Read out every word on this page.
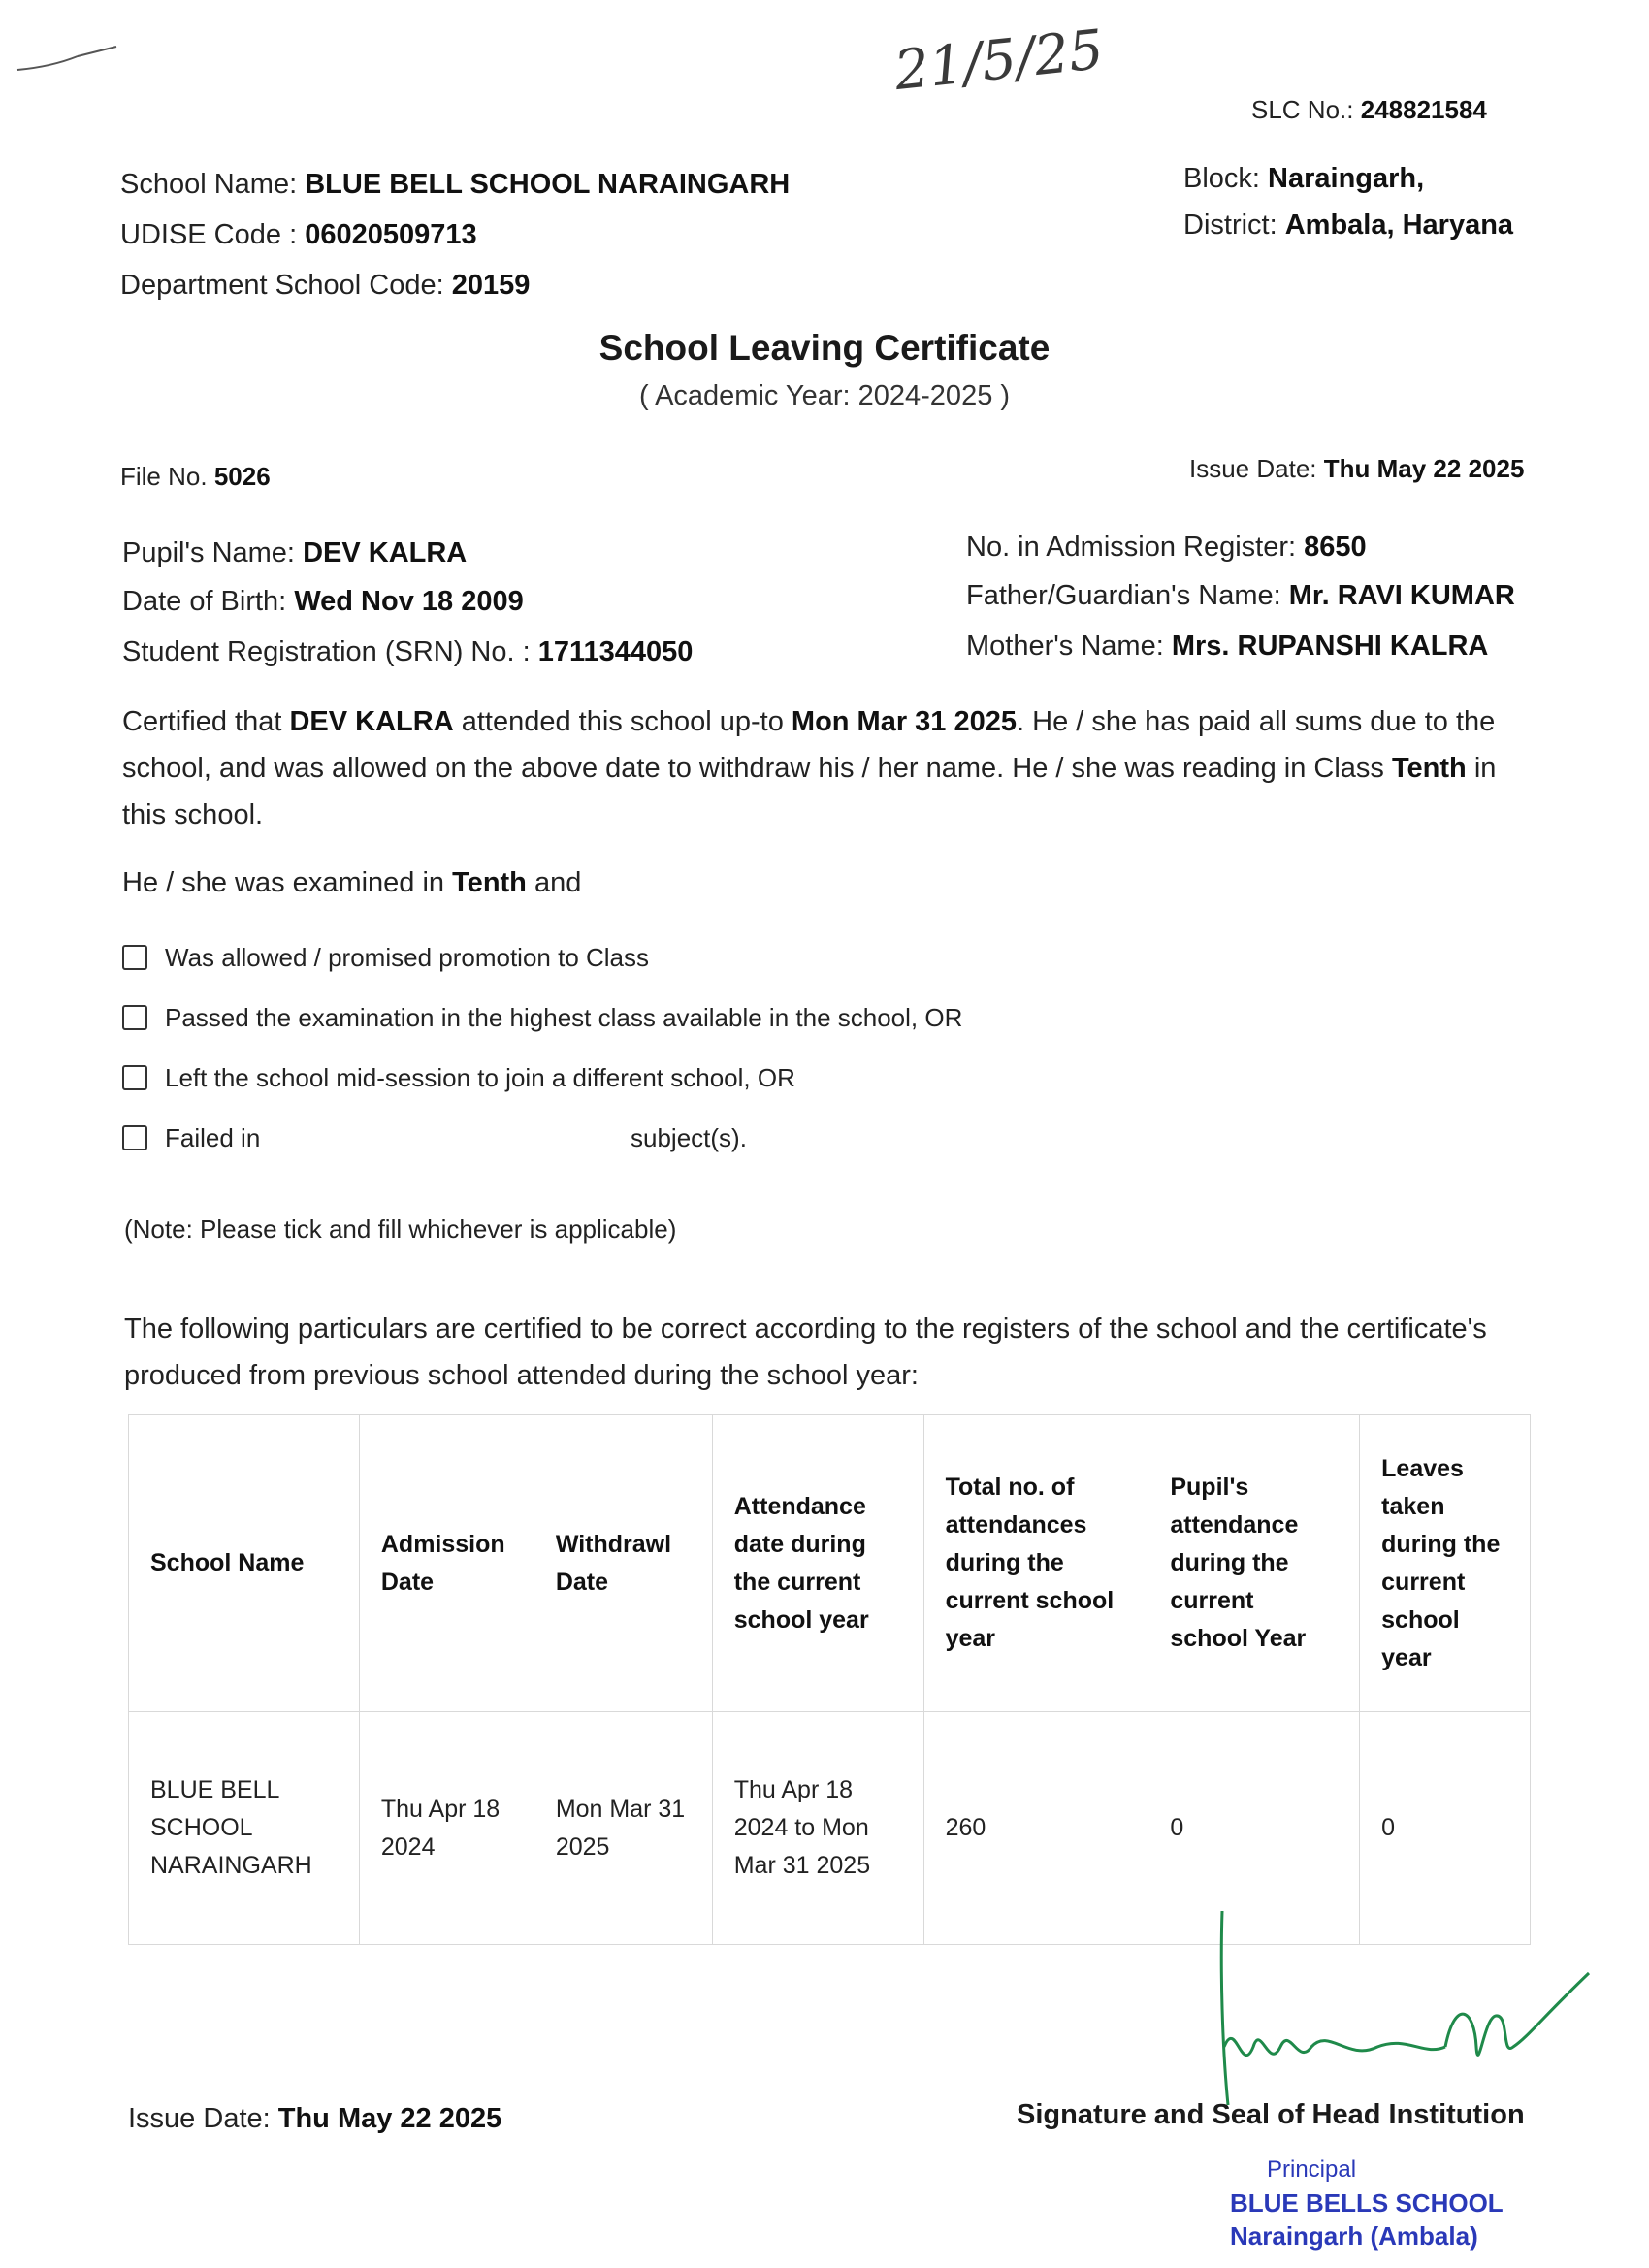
21/5/25
SLC No.: 248821584
Block: Naraingarh,
District: Ambala, Haryana
School Name: BLUE BELL SCHOOL NARAINGARH
UDISE Code : 06020509713
Department School Code: 20159
School Leaving Certificate
( Academic Year: 2024-2025 )
File No. 5026	Issue Date: Thu May 22 2025
Pupil's Name: DEV KALRA
Date of Birth: Wed Nov 18 2009
Student Registration (SRN) No. : 1711344050
No. in Admission Register: 8650
Father/Guardian's Name: Mr. RAVI KUMAR
Mother's Name: Mrs. RUPANSHI KALRA
Certified that DEV KALRA attended this school up-to Mon Mar 31 2025. He / she has paid all sums due to the school, and was allowed on the above date to withdraw his / her name. He / she was reading in Class Tenth in this school.
He / she was examined in Tenth and
Was allowed / promised promotion to Class
Passed the examination in the highest class available in the school, OR
Left the school mid-session to join a different school, OR
Failed in	subject(s).
(Note: Please tick and fill whichever is applicable)
The following particulars are certified to be correct according to the registers of the school and the certificate's produced from previous school attended during the school year:
School Name	Admission Date	Withdrawl Date	Attendance date during the current school year	Total no. of attendances during the current school year	Pupil's attendance during the current school Year	Leaves taken during the current school year
BLUE BELL SCHOOL NARAINGARH	Thu Apr 18 2024	Mon Mar 31 2025	Thu Apr 18 2024 to Mon Mar 31 2025	260	0	0
Issue Date: Thu May 22 2025	Signature and Seal of Head Institution
Principal
BLUE BELLS SCHOOL
Naraingarh (Ambala)
